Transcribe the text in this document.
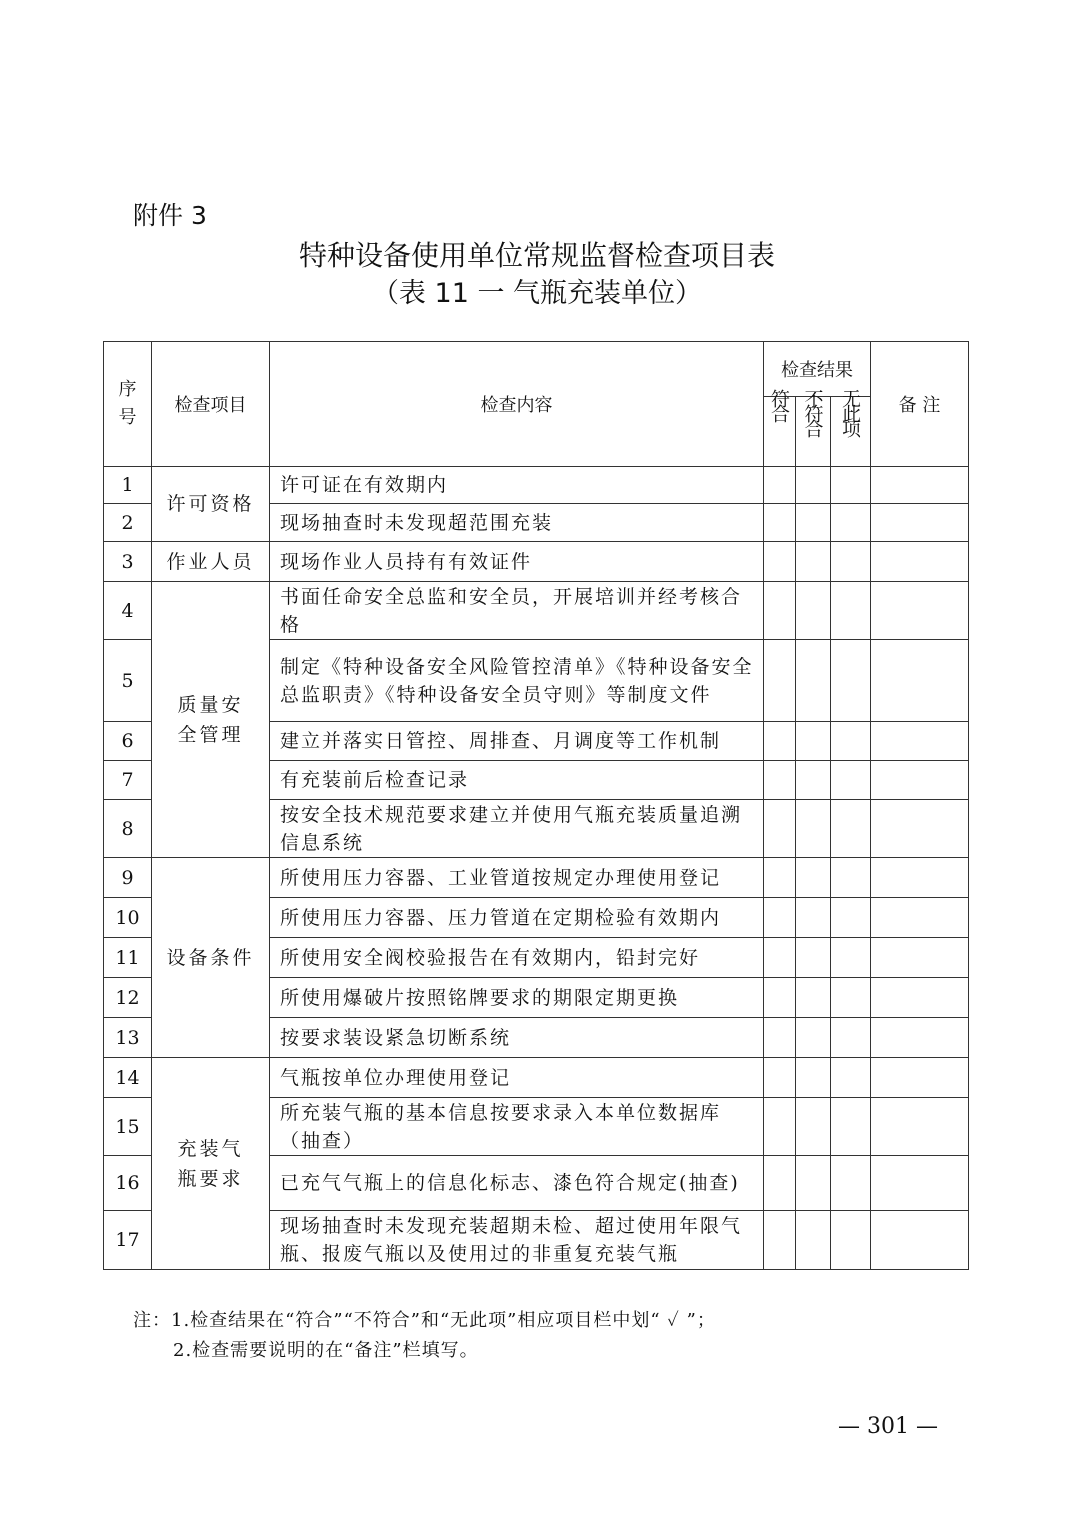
附件 3
特种设备使用单位常规监督检查项目表
（表 11 一 气瓶充装单位）
序号	检查项目	检查内容	检查结果			备 注
			符合	不符合	无此项	
1	许可资格	许可证在有效期内				
2		现场抽查时未发现超范围充装				
3	作业人员	现场作业人员持有有效证件				
4	质量安全管理	书面任命安全总监和安全员，开展培训并经考核合格				
5		制定《特种设备安全风险管控清单》《特种设备安全总监职责》《特种设备安全员守则》等制度文件				
6		建立并落实日管控、周排查、月调度等工作机制				
7		有充装前后检查记录				
8		按安全技术规范要求建立并使用气瓶充装质量追溯信息系统				
9	设备条件	所使用压力容器、工业管道按规定办理使用登记				
10		所使用压力容器、压力管道在定期检验有效期内				
11		所使用安全阀校验报告在有效期内，铅封完好				
12		所使用爆破片按照铭牌要求的期限定期更换				
13		按要求装设紧急切断系统				
14	充装气瓶要求	气瓶按单位办理使用登记				
15		所充装气瓶的基本信息按要求录入本单位数据库（抽查）				
16		已充气气瓶上的信息化标志、漆色符合规定(抽查)				
17		现场抽查时未发现充装超期未检、超过使用年限气瓶、报废气瓶以及使用过的非重复充装气瓶				
注：1.检查结果在“符合”“不符合”和“无此项”相应项目栏中划“ ✓ ”；
2.检查需要说明的在“备注”栏填写。
— 301 —
